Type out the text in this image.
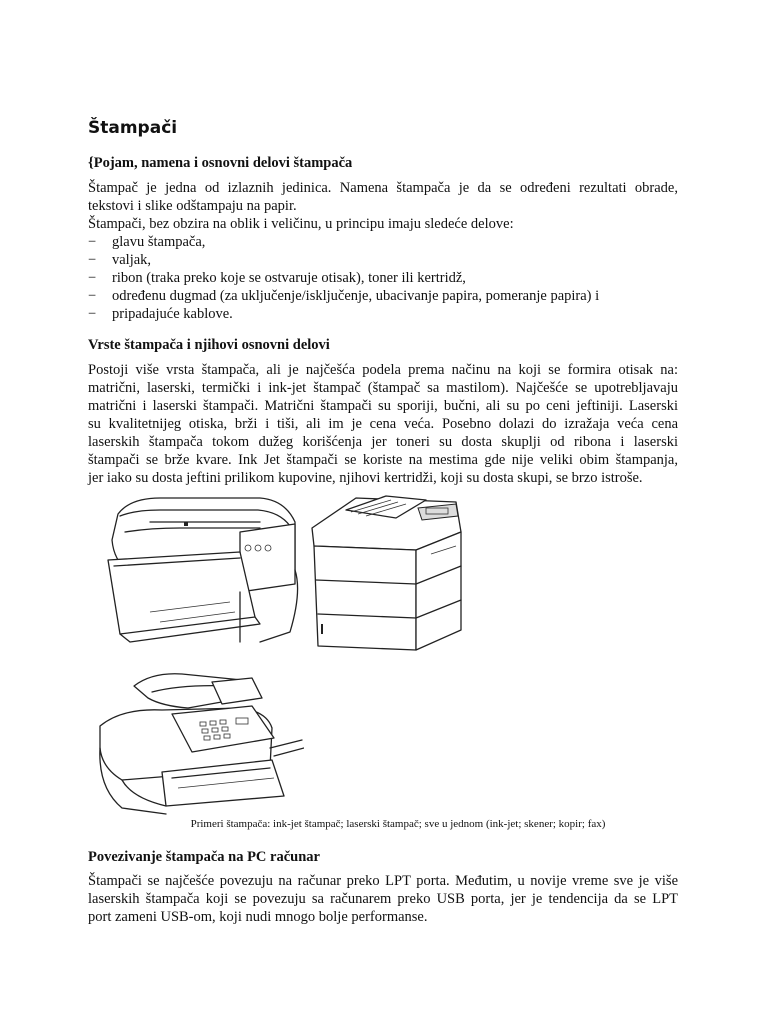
Štampači
{Pojam, namena i osnovni delovi štampača

Štampač je jedna od izlaznih jedinica. Namena štampača je da se određeni rezultati obrade,

tekstovi i slike odštampaju na papir.

Štampači, bez obzira na oblik i veličinu, u principu imaju sledeće delove:

− glavu štampača,
− valjak,
− ribon (traka preko koje se ostvaruje otisak), toner ili kertridž,
− određenu dugmad (za uključenje/isključenje, ubacivanje papira, pomeranje papira) i
− pripadajuće kablove.
Vrste štampača i njihovi osnovni delovi

Postoji više vrsta štampača, ali je najčešća podela prema načinu na koji se formira otisak na:

matrični, laserski, termički i ink-jet štampač (štampač sa mastilom). Najčešće se upotrebljavaju

matrični i laserski štampači. Matrični štampači su sporiji, bučni, ali su po ceni jeftiniji. Laserski

su kvalitetnijeg otiska, brži i tiši, ali im je cena veća. Posebno dolazi do izražaja veća cena

laserskih štampača tokom dužeg korišćenja jer toneri su dosta skuplji od ribona i laserski

štampači se brže kvare. Ink Jet štampači se koriste na mestima gde nije veliki obim štampanja,

jer iako su dosta jeftini prilikom kupovine, njihovi kertridži, koji su dosta skupi, se brzo istroše.

Primeri štampača: ink-jet štampač; laserski štampač; sve u jednom (ink-jet; skener; kopir; fax)

Povezivanje štampača na PC računar

Štampači se najčešće povezuju na računar preko LPT porta. Međutim, u novije vreme sve je više

laserskih štampača koji se povezuju sa računarem preko USB porta, jer je tendencija da se LPT

port zameni USB-om, koji nudi mnogo bolje performanse.
